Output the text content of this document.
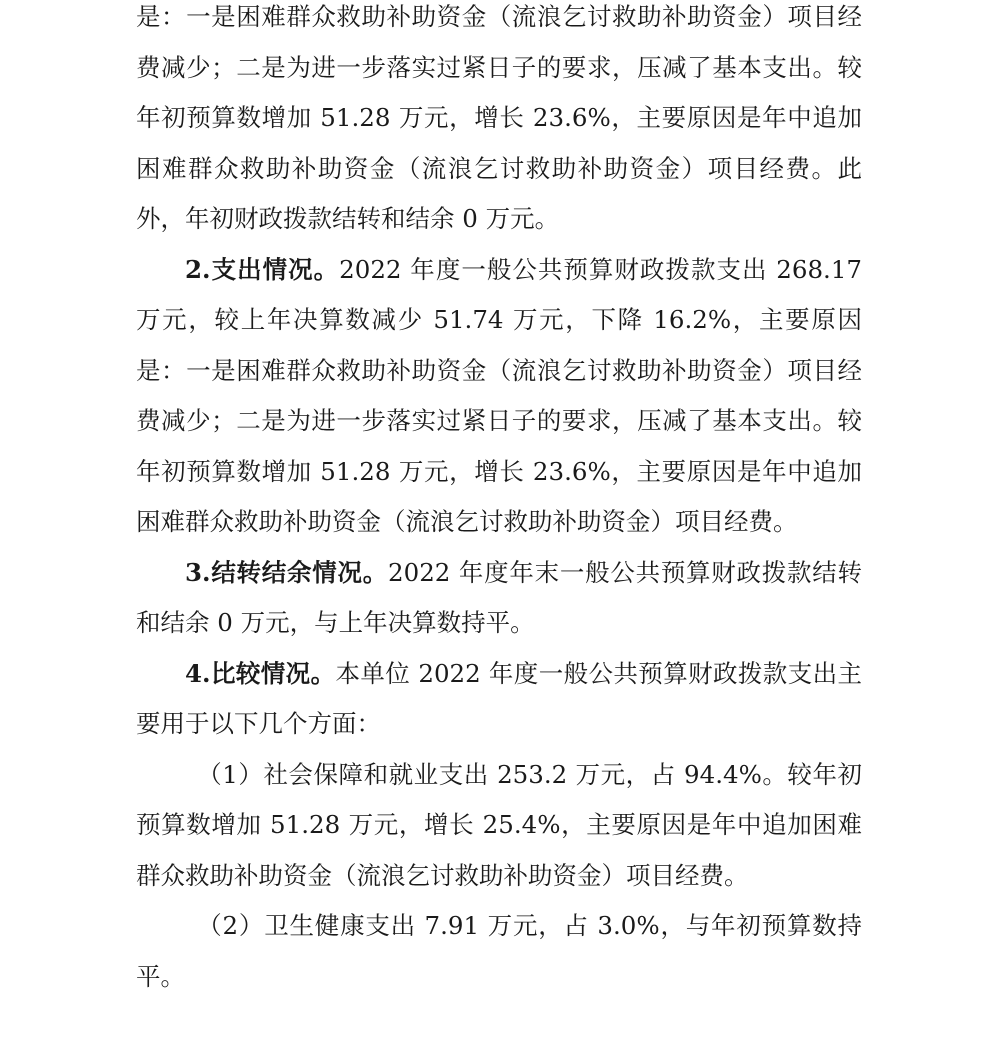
是：一是困难群众救助补助资金（流浪乞讨救助补助资金）项目经费减少；二是为进一步落实过紧日子的要求，压减了基本支出。较年初预算数增加 51.28 万元，增长 23.6%，主要原因是年中追加困难群众救助补助资金（流浪乞讨救助补助资金）项目经费。此外，年初财政拨款结转和结余 0 万元。

2.支出情况。2022 年度一般公共预算财政拨款支出 268.17 万元，较上年决算数减少 51.74 万元，下降 16.2%，主要原因是：一是困难群众救助补助资金（流浪乞讨救助补助资金）项目经费减少；二是为进一步落实过紧日子的要求，压减了基本支出。较年初预算数增加 51.28 万元，增长 23.6%，主要原因是年中追加困难群众救助补助资金（流浪乞讨救助补助资金）项目经费。

3.结转结余情况。2022 年度年末一般公共预算财政拨款结转和结余 0 万元，与上年决算数持平。

4.比较情况。本单位 2022 年度一般公共预算财政拨款支出主要用于以下几个方面：

（1）社会保障和就业支出 253.2 万元，占 94.4%。较年初预算数增加 51.28 万元，增长 25.4%，主要原因是年中追加困难群众救助补助资金（流浪乞讨救助补助资金）项目经费。

（2）卫生健康支出 7.91 万元，占 3.0%，与年初预算数持平。
